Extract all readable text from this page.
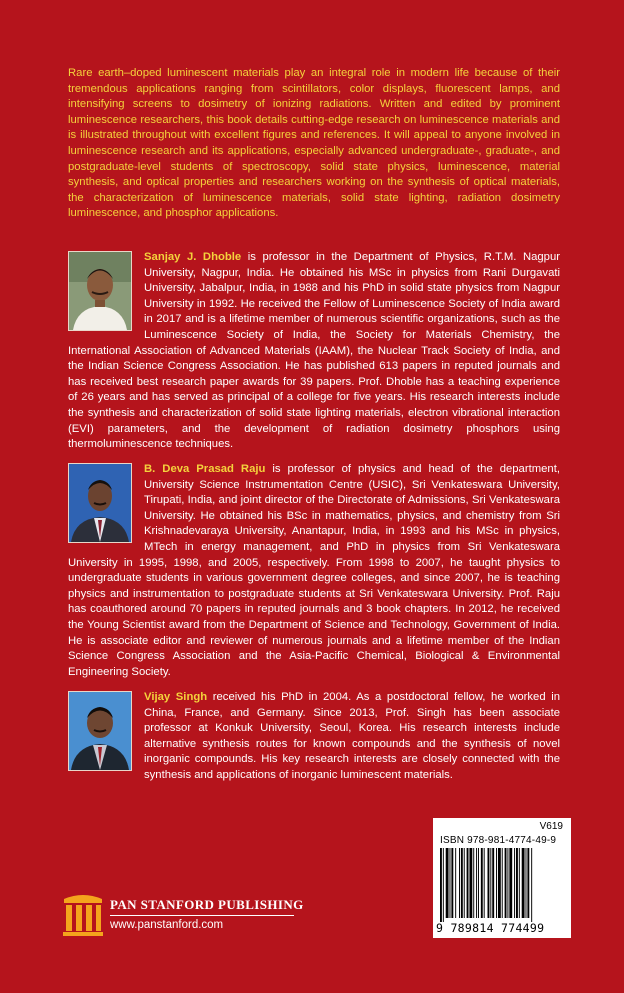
Rare earth–doped luminescent materials play an integral role in modern life because of their tremendous applications ranging from scintillators, color displays, fluorescent lamps, and intensifying screens to dosimetry of ionizing radiations. Written and edited by prominent luminescence researchers, this book details cutting-edge research on luminescence materials and is illustrated throughout with excellent figures and references. It will appeal to anyone involved in luminescence research and its applications, especially advanced undergraduate-, graduate-, and postgraduate-level students of spectroscopy, solid state physics, luminescence, material synthesis, and optical properties and researchers working on the synthesis of optical materials, the characterization of luminescence materials, solid state lighting, radiation dosimetry luminescence, and phosphor applications.

Sanjay J. Dhoble is professor in the Department of Physics, R.T.M. Nagpur University, Nagpur, India. He obtained his MSc in physics from Rani Durgavati University, Jabalpur, India, in 1988 and his PhD in solid state physics from Nagpur University in 1992. He received the Fellow of Luminescence Society of India award in 2017 and is a lifetime member of numerous scientific organizations, such as the Luminescence Society of India, the Society for Materials Chemistry, the International Association of Advanced Materials (IAAM), the Nuclear Track Society of India, and the Indian Science Congress Association. He has published 613 papers in reputed journals and has received best research paper awards for 39 papers. Prof. Dhoble has a teaching experience of 26 years and has served as principal of a college for five years. His research interests include the synthesis and characterization of solid state lighting materials, electron vibrational interaction (EVI) parameters, and the development of radiation dosimetry phosphors using thermoluminescence techniques.

B. Deva Prasad Raju is professor of physics and head of the department, University Science Instrumentation Centre (USIC), Sri Venkateswara University, Tirupati, India, and joint director of the Directorate of Admissions, Sri Venkateswara University. He obtained his BSc in mathematics, physics, and chemistry from Sri Krishnadevaraya University, Anantapur, India, in 1993 and his MSc in physics, MTech in energy management, and PhD in physics from Sri Venkateswara University in 1995, 1998, and 2005, respectively. From 1998 to 2007, he taught physics to undergraduate students in various government degree colleges, and since 2007, he is teaching physics and instrumentation to postgraduate students at Sri Venkateswara University. Prof. Raju has coauthored around 70 papers in reputed journals and 3 book chapters. In 2012, he received the Young Scientist award from the Department of Science and Technology, Government of India. He is associate editor and reviewer of numerous journals and a lifetime member of the Indian Science Congress Association and the Asia-Pacific Chemical, Biological & Environmental Engineering Society.

Vijay Singh received his PhD in 2004. As a postdoctoral fellow, he worked in China, France, and Germany. Since 2013, Prof. Singh has been associate professor at Konkuk University, Seoul, Korea. His research interests include alternative synthesis routes for known compounds and the synthesis of novel inorganic compounds. His key research interests are closely connected with the synthesis and applications of inorganic luminescent materials.

V619
ISBN 978-981-4774-49-9
9 789814 774499
PAN STANFORD PUBLISHING
www.panstanford.com
